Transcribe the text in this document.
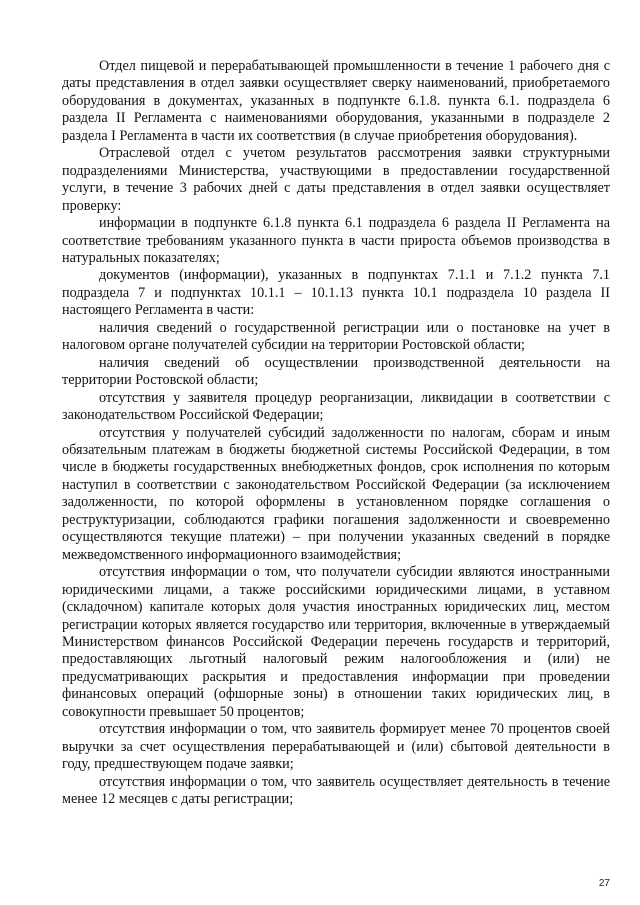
Отдел пищевой и перерабатывающей промышленности в течение 1 рабочего дня с даты представления в отдел заявки осуществляет сверку наименований, приобретаемого оборудования в документах, указанных в подпункте 6.1.8. пункта 6.1. подраздела 6 раздела II Регламента с наименованиями оборудования, указанными в подразделе 2 раздела I Регламента в части их соответствия (в случае приобретения оборудования).

Отраслевой отдел с учетом результатов рассмотрения заявки структурными подразделениями Министерства, участвующими в предоставлении государственной услуги, в течение 3 рабочих дней с даты представления в отдел заявки осуществляет проверку:

информации в подпункте 6.1.8 пункта 6.1 подраздела 6 раздела II Регламента на соответствие требованиям указанного пункта в части прироста объемов производства в натуральных показателях;

документов (информации), указанных в подпунктах 7.1.1 и 7.1.2 пункта 7.1 подраздела 7 и подпунктах 10.1.1 – 10.1.13 пункта 10.1 подраздела 10 раздела II настоящего Регламента в части:

наличия сведений о государственной регистрации или о постановке на учет в налоговом органе получателей субсидии на территории Ростовской области;

наличия сведений об осуществлении производственной деятельности на территории Ростовской области;

отсутствия у заявителя процедур реорганизации, ликвидации в соответствии с законодательством Российской Федерации;

отсутствия у получателей субсидий задолженности по налогам, сборам и иным обязательным платежам в бюджеты бюджетной системы Российской Федерации, в том числе в бюджеты государственных внебюджетных фондов, срок исполнения по которым наступил в соответствии с законодательством Российской Федерации (за исключением задолженности, по которой оформлены в установленном порядке соглашения о реструктуризации, соблюдаются графики погашения задолженности и своевременно осуществляются текущие платежи) – при получении указанных сведений в порядке межведомственного информационного взаимодействия;

отсутствия информации о том, что получатели субсидии являются иностранными юридическими лицами, а также российскими юридическими лицами, в уставном (складочном) капитале которых доля участия иностранных юридических лиц, местом регистрации которых является государство или территория, включенные в утверждаемый Министерством финансов Российской Федерации перечень государств и территорий, предоставляющих льготный налоговый режим налогообложения и (или) не предусматривающих раскрытия и предоставления информации при проведении финансовых операций (офшорные зоны) в отношении таких юридических лиц, в совокупности превышает 50 процентов;

отсутствия информации о том, что заявитель формирует менее 70 процентов своей выручки за счет осуществления перерабатывающей и (или) сбытовой деятельности в году, предшествующем подаче заявки;

отсутствия информации о том, что заявитель осуществляет деятельность в течение менее 12 месяцев с даты регистрации;

27
